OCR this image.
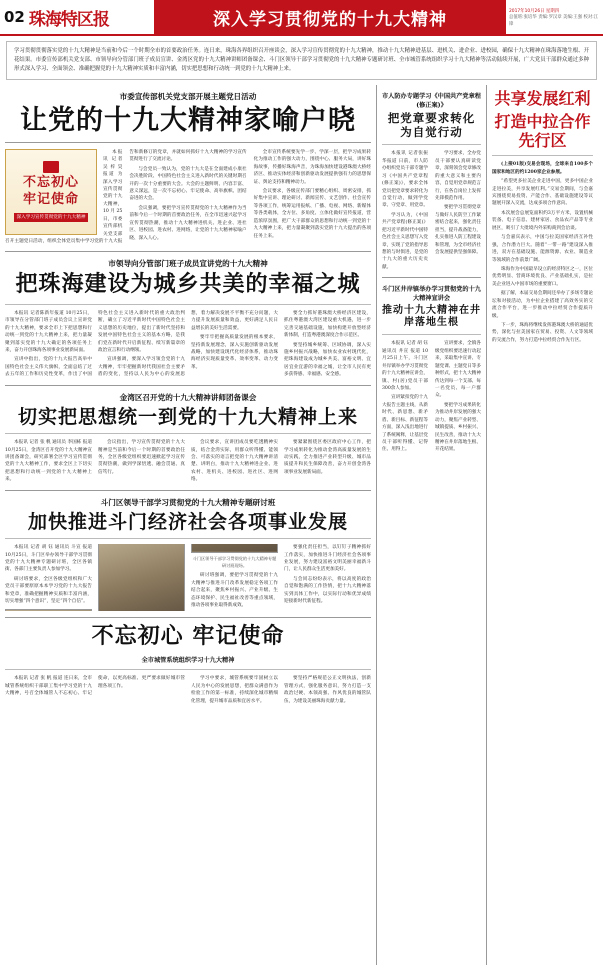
02 珠海特区报	深入学习贯彻党的十九大精神	2017年10月26日 星期四
总值班:张培华 责编:罗汉章 美编:王强 校对:江锋
学习贯彻贯彻落实党的十九大精神是当前和今后一个时期全市的首要政治任务。连日来，珠海各界组织召开座谈会，深入学习宣传贯彻党的十九大精神，推动十九大精神进基层、进机关、进企业、进校园，确保十九大精神在珠海落地生根、开花结果。市委宣传部机关党支部、市领导向分管部门班子成员宣讲、金湾区党的十九大精神讲师团备课会、斗门区领导干部学习贯彻党的十九大精神专题研讨班、全市城管系统组织学习十九大精神等活动陆续开展，广大党员干部群众通过多种形式深入学习、全面领会、准确把握党的十九大精神实质和丰富内涵，切实把思想和行动统一到党的十九大精神上来。
市委宣传部机关党支部开展主题党日活动
让党的十九大精神家喻户晓
不忘初心
牢记使命
深入学习宣传贯彻党的十九大精神

本报讯 记者 吴梓昊 报道 为深入学习宣传贯彻党的十九大精神，10月25日，市委宣传部机关党支部召开主题党日活动，组织全体党员集中学习党的十九大报告和新修订的党章，并就如何抓好十九大精神的学习宣传贯彻进行了交流讨论。

与会党员一致认为，党的十九大是在全面建成小康社会决胜阶段、中国特色社会主义进入新时代的关键时期召开的一次十分重要的大会。大会的主题鲜明、内容丰富、意义深远，是一次不忘初心、牢记使命、高举旗帜、团结奋进的大会。

会议强调，要把学习宣传贯彻党的十九大精神作为当前和今后一个时期的首要政治任务，在全市迅速兴起学习宣传贯彻热潮，推动十九大精神进机关、进企业、进社区、进校园、进农村、进网络，让党的十九大精神家喻户晓、深入人心。

全市宣传系统要先学一步、学深一层，把学习成果转化为推动工作的强大动力，围绕中心、服务大局，讲好珠海故事，传播好珠海声音，为珠海加快建设港珠澳大桥经济区、推动实体经济和创新驱动发展提供强有力的思想保证、舆论支持和精神动力。

会议要求，各级宣传部门要精心组织、周密安排，抓好集中宣讲、理论研讨、新闻宣传、文艺创作、社会宣传等各项工作，统筹运用报纸、广播、电视、网络、新媒体等各类载体，全方位、多角度、立体化做好宣传报道，营造浓厚氛围，把广大干部群众的思想和行动统一到党的十九大精神上来，把力量凝聚到落实党的十九大提出的各项任务上来。

市领导向分管部门班子成员宣讲党的十九大精神
把珠海建设为城乡共美的幸福之城

本报讯 记者陈新年报道 10月25日，市领导在分管部门班子成员会议上宣讲党的十九大精神，要求全市上下把思想和行动统一到党的十九大精神上来，把力量凝聚到落实党的十九大确定的各项任务上来，奋力开创珠海各项事业发展新局面。

宣讲中指出，党的十九大报告高举中国特色社会主义伟大旗帜，全面总结了过去五年的工作和历史性变革，作出了中国特色社会主义进入新时代的重大政治判断，确立了习近平新时代中国特色社会主义思想的历史地位，提出了新时代坚持和发展中国特色社会主义的基本方略，是我们党在新时代开启新征程、续写新篇章的政治宣言和行动纲领。

宣讲强调，要深入学习领会党的十九大精神，牢牢把握新时代我国社会主要矛盾的变化，坚持以人民为中心的发展思想，着力解决发展不平衡不充分问题，大力提升发展质量和效益，更好满足人民日益增长的美好生活需要。

要牢牢把握高质量发展的根本要求，坚持新发展理念，深入实施创新驱动发展战略，加快建设现代化经济体系，推动珠海经济实现质量变革、效率变革、动力变革。

要全力抓好港珠澳大桥经济区建设，抓住粤港澳大湾区建设重大机遇，进一步完善交通基础设施，加快构建开放型经济新体制，打造粤港澳深度合作示范区。

要坚持城乡统筹、区域协调，深入实施乡村振兴战略，加快农业农村现代化，把珠海建设成为城乡共美、富裕文明、宜居宜业宜游的幸福之城，让全市人民有更多获得感、幸福感、安全感。

金湾区召开党的十九大精神讲师团备课会
切实把思想统一到党的十九大精神上来

本报讯 记者 张 帆 通讯员 李国栋 报道 10月25日，金湾区召开党的十九大精神宣讲团备课会，研究部署全区学习宣传贯彻党的十九大精神工作，要求全区上下切实把思想和行动统一到党的十九大精神上来。

会议指出，学习宣传贯彻党的十九大精神是当前和今后一个时期的首要政治任务，全区各级党组织要迅速掀起学习宣传贯彻热潮，做到学深悟透、融会贯通、真信笃行。

会议要求，宣讲团成员要吃透精神实质，结合金湾实际，用群众听得懂、能领会、可落实的语言把党的十九大精神讲清楚、讲明白，推动十九大精神进企业、进农村、进机关、进校园、进社区、进网络。

要紧紧围绕区委区政府中心工作，把学习成果转化为推动金湾高质量发展的生动实践，全力推进产业转型升级、城市品质提升和民生保障改善，奋力开创金湾各项事业发展新局面。

斗门区领导干部学习贯彻党的十九大精神专题研讨班
加快推进斗门经济社会各项事业发展

本报讯 记者 胡 钰 通讯员 斗宣 报道 10月25日，斗门区举办领导干部学习贯彻党的十九大精神专题研讨班，全区各镇街、各部门主要负责人参加学习。

研讨班要求，全区各级党组织和广大党员干部要原原本本学习党的十九大报告和党章，准确把握精神实质和丰富内涵，切实增强“四个意识”，坚定“四个自信”。

斗门区领导干部学习贯彻党的十九大精神专题研讨班现场。

研讨班强调，要把学习贯彻党的十九大精神与推进斗门改革发展稳定各项工作结合起来，聚焦乡村振兴、产业升级、生态环境保护、民生福祉改善等重点领域，推动各项事业取得新成效。

要强化责任担当，以钉钉子精神抓好工作落实，加快推进斗门经济社会各项事业发展，努力建设富裕文明美丽幸福新斗门，让人民群众生活更加美好。

与会同志纷纷表示，将以高度的政治自觉和饱满的工作热情，把十九大精神落实到具体工作中，以实际行动和优异成绩迎接新时代新征程。

不忘初心 牢记使命
全市城管系统组织学习十九大精神

本报讯 记者 张 帆 报道 连日来，全市城管系统组织干部职工集中学习党的十九大精神，号召全体城管人不忘初心、牢记使命，以更高标准、更严要求做好城市管理各项工作。

学习中要求，城管系统要牢固树立以人民为中心的发展思想，把群众满意作为检验工作的第一标准，持续深化城市精细化管理，提升城市品质和宜居水平。

要坚持严格规范公正文明执法，创新管理方式，强化服务意识，努力打造一支政治过硬、本领高强、作风优良的城管队伍，为建设美丽珠海贡献力量。

市人防办专题学习《中国共产党章程(修正案)》
把党章要求转化为自觉行动

本报讯 记者张振华报道 日前，市人防办组织党员干部专题学习《中国共产党章程(修正案)》，要求全体党员把党章要求转化为自觉行动，做到学党章、守党章、用党章。

学习认为，《中国共产党章程(修正案)》把习近平新时代中国特色社会主义思想写入党章，实现了党的指导思想的与时俱进，是党的十九大的重大历史贡献。

学习要求，全办党员干部要认真研读党章，深刻领会党章修改的重大意义和主要内容，自觉用党章规范言行，在各自岗位上发挥先锋模范作用。

要把学习贯彻党章与做好人民防空工作紧密结合起来，强化责任担当，提升战备能力，扎实推进人防工程建设和管理，为全市经济社会发展提供坚强保障。

斗门区井岸镇举办学习贯彻党的十九大精神宣讲会
推动十九大精神在井岸落地生根

本报讯 记者 胡 钰 通讯员 井宣 报道 10月25日上午，斗门区井岸镇举办学习贯彻党的十九大精神宣讲会，镇、村(居)党员干部300余人参加。

宣讲紧扣党的十九大报告主题主线，从新时代、新思想、新矛盾、新目标、新征程等方面，深入浅出地进行了系统阐释，让基层党员干部听得懂、记得住、用得上。

宣讲要求，全镇各级党组织要迅速行动起来，采取集中宣讲、专题党课、主题党日等多种形式，把十九大精神传达到每一个支部、每一名党员、每一户群众。

要把学习成果转化为推动井岸发展的强大动力，聚焦产业转型、城镇提质、乡村振兴、民生改善，推动十九大精神在井岸落地生根、开花结果。

共享发展红利
打造中拉合作先行区

(上接01版)交易会现场，全球来自100多个国家和地区的约1200家企业参展。

“希望更多拉美企业走进中国，更多中国企业走进拉美，共享发展红利。”交易会期间，与会嘉宾围绕贸易投资、产能合作、基础设施建设等议题展开深入交流，达成多项合作意向。

本次展会总展览面积约3万平方米，设置机械装备、电子信息、建材家居、食品农产品等专业展区，吸引了大批境内外采购商到会洽谈。

与会嘉宾表示，中国与拉美国家经济互补性强，合作潜力巨大。随着“一带一路”建设深入推进，双方在基础设施、能源资源、农业、制造业等领域的合作前景广阔。

珠海作为中国最早设立的经济特区之一，区位优势明显、营商环境优良、产业基础扎实，是拉美企业进入中国市场的重要窗口。

据了解，本届交易会期间还举办了多场专题论坛和对接活动，为中拉企业搭建了高效务实的交流合作平台，进一步推动中拉经贸合作提质升级。

下一步，珠海将继续发挥港珠澳大桥的通道优势，深化与拉美国家在贸易、投资、人文等领域的交流合作，努力打造中拉经贸合作先行区。
